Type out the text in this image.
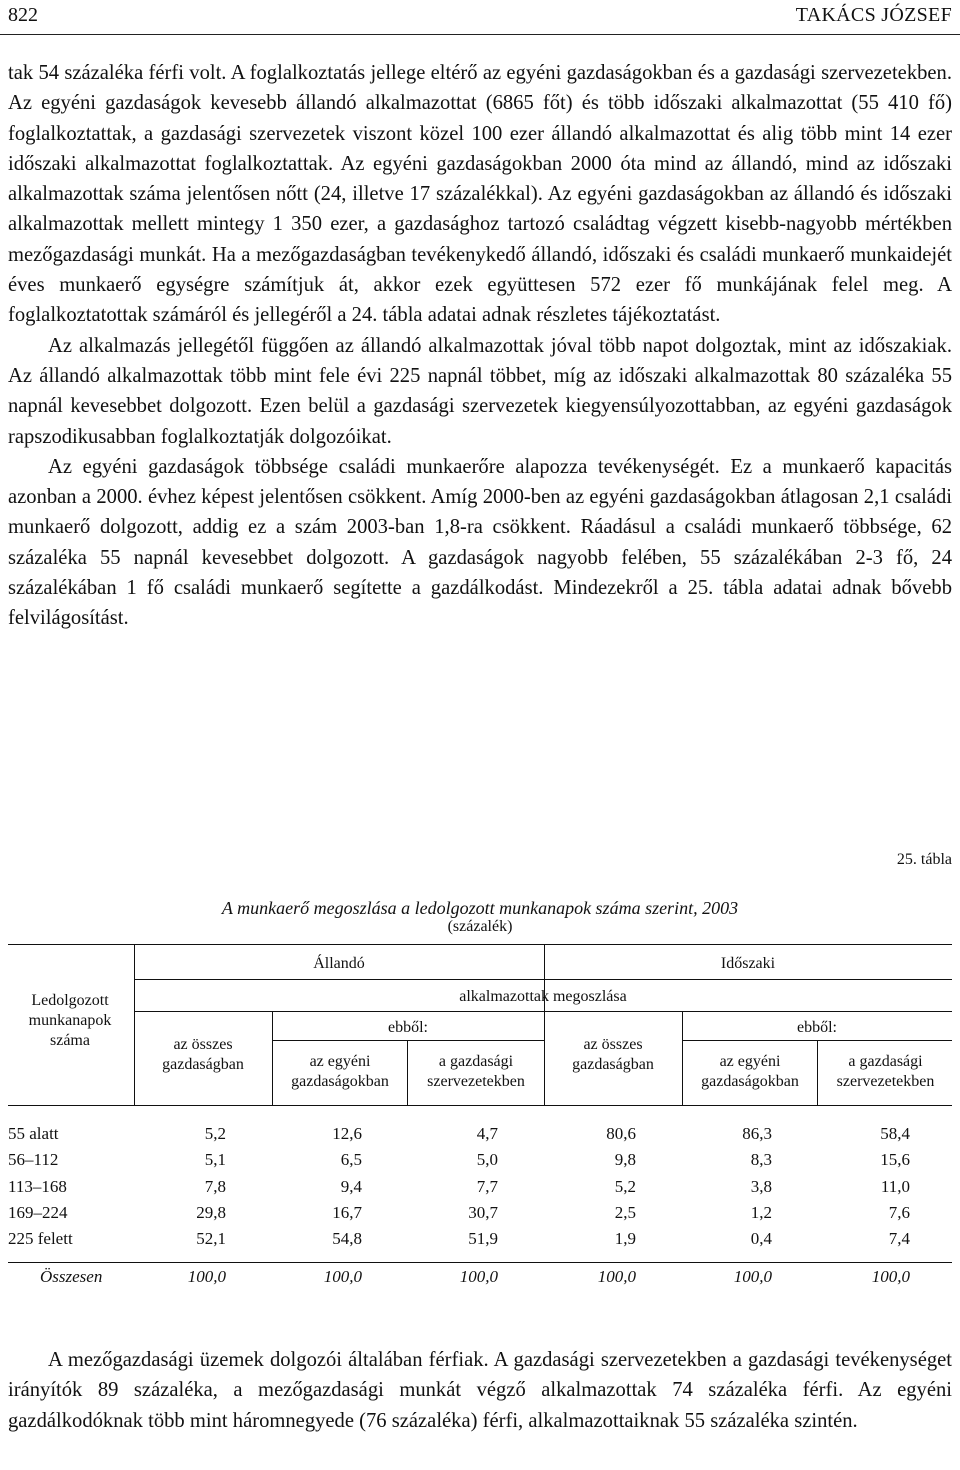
822	TAKÁCS JÓZSEF

tak 54 százaléka férfi volt. A foglalkoztatás jellege eltérő az egyéni gazdaságokban és a gazdasági szervezetekben. Az egyéni gazdaságok kevesebb állandó alkalmazottat (6865 főt) és több időszaki alkalmazottat (55 410 fő) foglalkoztattak, a gazdasági szervezetek viszont közel 100 ezer állandó alkalmazottat és alig több mint 14 ezer időszaki alkalmazottat foglalkoztattak. Az egyéni gazdaságokban 2000 óta mind az állandó, mind az időszaki alkalmazottak száma jelentősen nőtt (24, illetve 17 százalékkal). Az egyéni gazdaságokban az állandó és időszaki alkalmazottak mellett mintegy 1 350 ezer, a gazdasághoz tartozó családtag végzett kisebb-nagyobb mértékben mezőgazdasági munkát. Ha a mezőgazdaságban tevékenykedő állandó, időszaki és családi munkaerő munkaidejét éves munkaerő egységre számítjuk át, akkor ezek együttesen 572 ezer fő munkájának felel meg. A foglalkoztatottak számáról és jellegéről a 24. tábla adatai adnak részletes tájékoztatást.

Az alkalmazás jellegétől függően az állandó alkalmazottak jóval több napot dolgoztak, mint az időszakiak. Az állandó alkalmazottak több mint fele évi 225 napnál többet, míg az időszaki alkalmazottak 80 százaléka 55 napnál kevesebbet dolgozott. Ezen belül a gazdasági szervezetek kiegyensúlyozottabban, az egyéni gazdaságok rapszodikusabban foglalkoztatják dolgozóikat.

Az egyéni gazdaságok többsége családi munkaerőre alapozza tevékenységét. Ez a munkaerő kapacitás azonban a 2000. évhez képest jelentősen csökkent. Amíg 2000-ben az egyéni gazdaságokban átlagosan 2,1 családi munkaerő dolgozott, addig ez a szám 2003-ban 1,8-ra csökkent. Ráadásul a családi munkaerő többsége, 62 százaléka 55 napnál kevesebbet dolgozott. A gazdaságok nagyobb felében, 55 százalékában 2-3 fő, 24 százalékában 1 fő családi munkaerő segítette a gazdálkodást. Mindezekről a 25. tábla adatai adnak bővebb felvilágosítást.

25. tábla
A munkaerő megoszlása a ledolgozott munkanapok száma szerint, 2003
(százalék)
Ledolgozott munkanapok száma
Állandó	Időszaki
alkalmazottak megoszlása
ebből:	ebből:
az összes gazdaságban	az egyéni gazdaságokban
a gazdasági szervezetekben
az összes gazdaságban	az egyéni gazdaságokban
a gazdasági szervezetekben
55 alatt	5,2	12,6	4,7	80,6	86,3	58,4
56–112	5,1	6,5	5,0	9,8	8,3	15,6
113–168	7,8	9,4	7,7	5,2	3,8	11,0
169–224	29,8	16,7	30,7	2,5	1,2	7,6
225 felett	52,1	54,8	51,9	1,9	0,4	7,4
Összesen	100,0	100,0	100,0	100,0	100,0	100,0

A mezőgazdasági üzemek dolgozói általában férfiak. A gazdasági szervezetekben a gazdasági tevékenységet irányítók 89 százaléka, a mezőgazdasági munkát végző alkalmazottak 74 százaléka férfi. Az egyéni gazdálkodóknak több mint háromnegyede (76 százaléka) férfi, alkalmazottaiknak 55 százaléka szintén.
